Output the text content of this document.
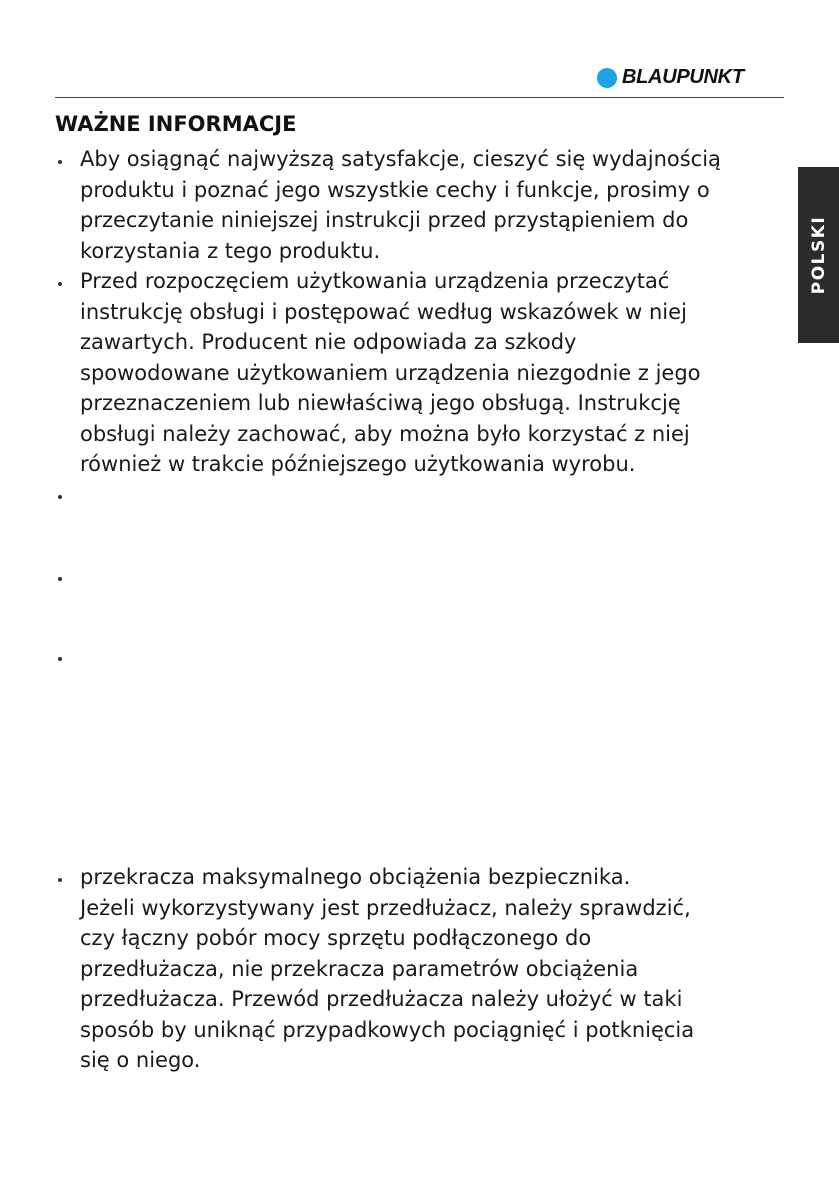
BLAUPUNKT
WAŻNE INFORMACJE
POLSKI
Aby osiągnąć najwyższą satysfakcje, cieszyć się wydajnością
produktu i poznać jego wszystkie cechy i funkcje, prosimy o
przeczytanie niniejszej instrukcji przed przystąpieniem do
korzystania z tego produktu.
Przed rozpoczęciem użytkowania urządzenia przeczytać
instrukcję obsługi i postępować według wskazówek w niej
zawartych. Producent nie odpowiada za szkody
spowodowane użytkowaniem urządzenia niezgodnie z jego
przeznaczeniem lub niewłaściwą jego obsługą. Instrukcję
obsługi należy zachować, aby można było korzystać z niej
również w trakcie późniejszego użytkowania wyrobu.
przekracza maksymalnego obciążenia bezpiecznika.
Jeżeli wykorzystywany jest przedłużacz, należy sprawdzić,
czy łączny pobór mocy sprzętu podłączonego do
przedłużacza, nie przekracza parametrów obciążenia
przedłużacza. Przewód przedłużacza należy ułożyć w taki
sposób by uniknąć przypadkowych pociągnięć i potknięcia
się o niego.
